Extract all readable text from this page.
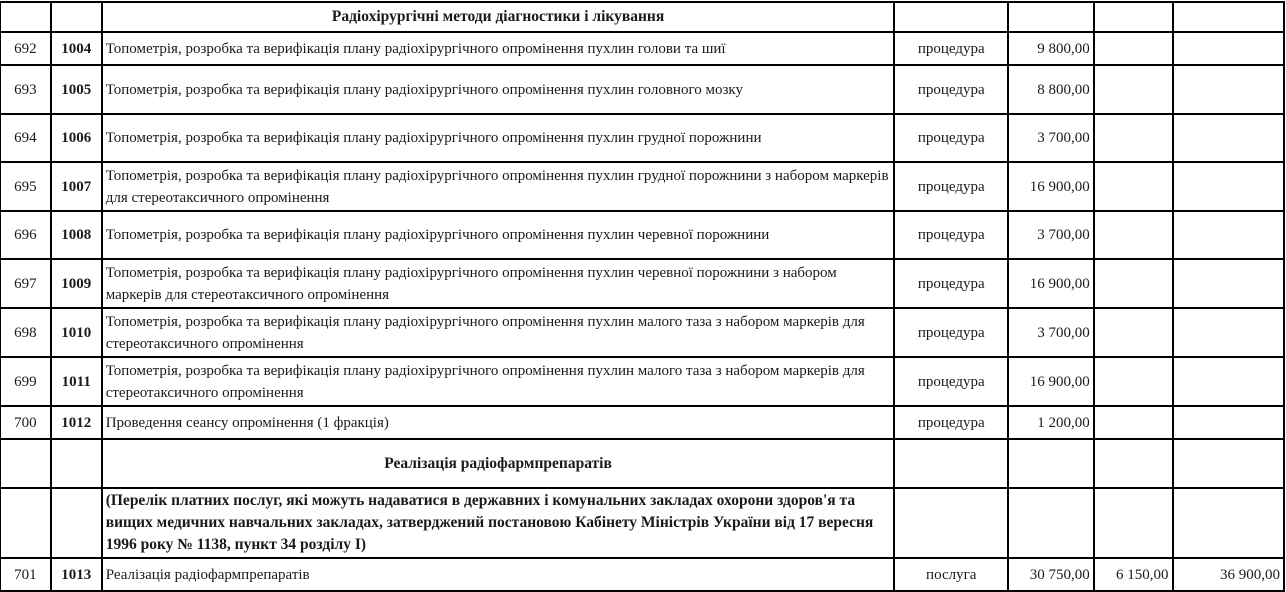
		Радіохірургічні методи діагностики і лікування				
692	1004	Топометрія, розробка та верифікація плану радіохірургічного опромінення пухлин голови та шиї	процедура	9 800,00		
693	1005	Топометрія, розробка та верифікація плану радіохірургічного опромінення пухлин головного мозку	процедура	8 800,00		
694	1006	Топометрія, розробка та верифікація плану радіохірургічного опромінення пухлин грудної порожнини	процедура	3 700,00		
695	1007	Топометрія, розробка та верифікація плану радіохірургічного опромінення пухлин грудної порожнини з набором маркерів для стереотаксичного опромінення	процедура	16 900,00		
696	1008	Топометрія, розробка та верифікація плану радіохірургічного опромінення пухлин черевної порожнини	процедура	3 700,00		
697	1009	Топометрія, розробка та верифікація плану радіохірургічного опромінення пухлин черевної порожнини з набором маркерів для стереотаксичного опромінення	процедура	16 900,00		
698	1010	Топометрія, розробка та верифікація плану радіохірургічного опромінення пухлин малого таза з набором маркерів для стереотаксичного опромінення	процедура	3 700,00		
699	1011	Топометрія, розробка та верифікація плану радіохірургічного опромінення пухлин малого таза з набором маркерів для стереотаксичного опромінення	процедура	16 900,00		
700	1012	Проведення сеансу опромінення (1 фракція)	процедура	1 200,00		
		Реалізація радіофармпрепаратів				
		(Перелік платних послуг, які можуть надаватися в державних і комунальних закладах охорони здоров'я та вищих медичних навчальних закладах, затверджений постановою Кабінету Міністрів України від 17 вересня 1996 року № 1138, пункт 34 розділу І)				
701	1013	Реалізація радіофармпрепаратів	послуга	30 750,00	6 150,00	36 900,00
